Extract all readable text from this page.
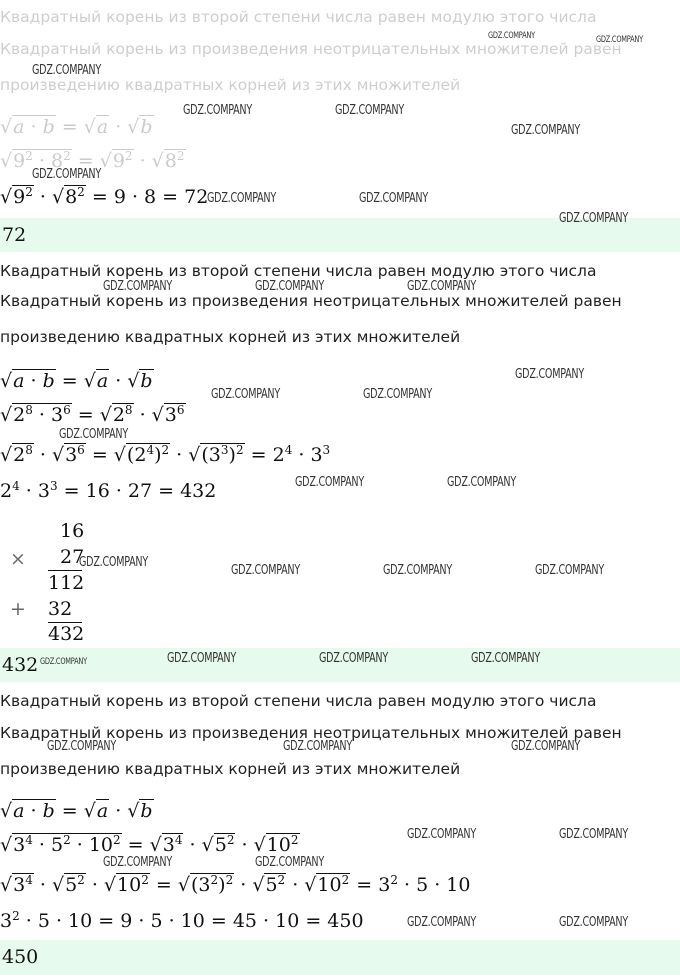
Квадратный корень из второй степени числа равен модулю этого числа
Квадратный корень из произведения неотрицательных множителей равен
произведению квадратных корней из этих множителей
√a · b = √a · √b
$√9^2 \cdot 8^2 = √9^2 \cdot √8^2$
$√9^2 \cdot √8^2 = 9 \cdot 8 = 72$
72
Квадратный корень из второй степени числа равен модулю этого числа
Квадратный корень из произведения неотрицательных множителей равен
произведению квадратных корней из этих множителей
√a · b = √a · √b
$√2^8 \cdot 3^6 = √2^8 \cdot √3^6$
$√2^8 \cdot √3^6 = √(2^4)^2 \cdot √(3^3)^2 = 2^4 \cdot 3^3$
$2^4 \cdot 3^3 = 16 \cdot 27 = 432$
16
× 27
112
+ 32
432
432
Квадратный корень из второй степени числа равен модулю этого числа
Квадратный корень из произведения неотрицательных множителей равен
произведению квадратных корней из этих множителей
√a · b = √a · √b
$√3^4 \cdot 5^2 \cdot 10^2 = √3^4 \cdot √5^2 \cdot √10^2$
$√3^4 \cdot √5^2 \cdot √10^2 = √(3^2)^2 \cdot √5^2 \cdot √10^2 = 3^2 \cdot 5 \cdot 10$
$3^2 \cdot 5 \cdot 10 = 9 \cdot 5 \cdot 10 = 45 \cdot 10 = 450$
450
GDZ.COMPANY	GDZ.COMPANY
GDZ.COMPANY
GDZ.COMPANY	GDZ.COMPANY
GDZ.COMPANY
GDZ.COMPANY
GDZ.COMPANY	GDZ.COMPANY
GDZ.COMPANY
GDZ.COMPANY	GDZ.COMPANY	GDZ.COMPANY
GDZ.COMPANY
GDZ.COMPANY	GDZ.COMPANY
GDZ.COMPANY
GDZ.COMPANY	GDZ.COMPANY
GDZ.COMPANY
GDZ.COMPANY	GDZ.COMPANY	GDZ.COMPANY
GDZ.COMPANY	GDZ.COMPANY	GDZ.COMPANY	GDZ.COMPANY
GDZ.COMPANY	GDZ.COMPANY	GDZ.COMPANY
GDZ.COMPANY	GDZ.COMPANY
GDZ.COMPANY	GDZ.COMPANY
GDZ.COMPANY	GDZ.COMPANY
